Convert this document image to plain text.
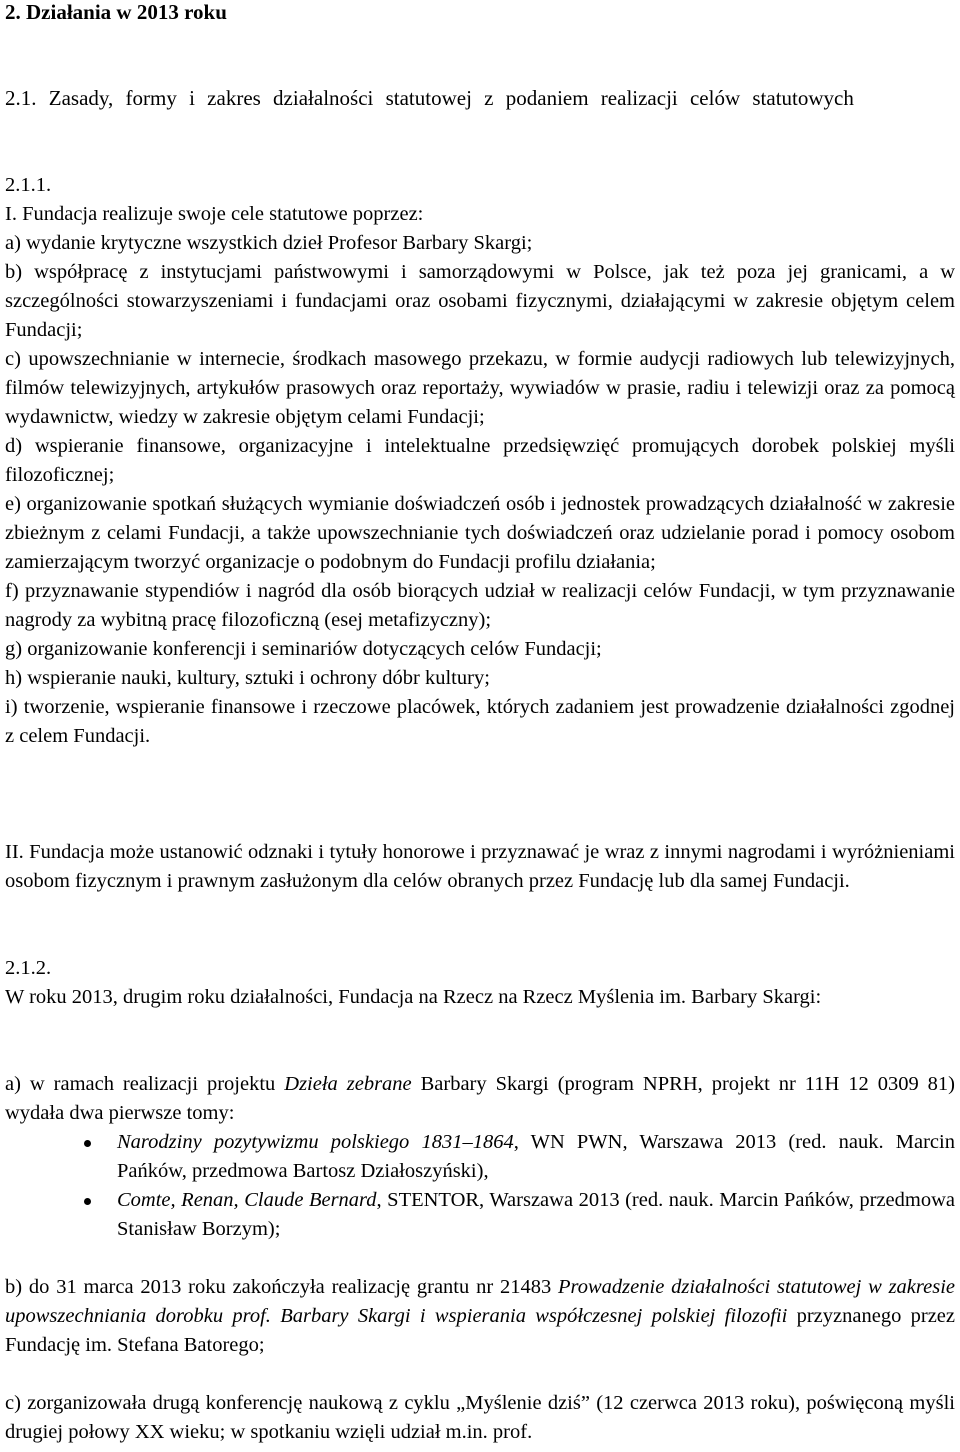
2. Działania w 2013 roku

2.1. Zasady, formy i zakres działalności statutowej z podaniem realizacji celów statutowych

2.1.1.

I. Fundacja realizuje swoje cele statutowe poprzez:
a) wydanie krytyczne wszystkich dzieł Profesor Barbary Skargi;
b) współpracę z instytucjami państwowymi i samorządowymi w Polsce, jak też poza jej granicami, a w szczególności stowarzyszeniami i fundacjami oraz osobami fizycznymi, działającymi w zakresie objętym celem Fundacji;
c) upowszechnianie w internecie, środkach masowego przekazu, w formie audycji radiowych lub telewizyjnych, filmów telewizyjnych, artykułów prasowych oraz reportaży, wywiadów w prasie, radiu i telewizji oraz za pomocą wydawnictw, wiedzy w zakresie objętym celami Fundacji;
d) wspieranie finansowe, organizacyjne i intelektualne przedsięwzięć promujących dorobek polskiej myśli filozoficznej;
e) organizowanie spotkań służących wymianie doświadczeń osób i jednostek prowadzących działalność w zakresie zbieżnym z celami Fundacji, a także upowszechnianie tych doświadczeń oraz udzielanie porad i pomocy osobom zamierzającym tworzyć organizacje o podobnym do Fundacji profilu działania;
f) przyznawanie stypendiów i nagród dla osób biorących udział w realizacji celów Fundacji, w tym przyznawanie nagrody za wybitną pracę filozoficzną (esej metafizyczny);
g) organizowanie konferencji i seminariów dotyczących celów Fundacji;
h) wspieranie nauki, kultury, sztuki i ochrony dóbr kultury;
i) tworzenie, wspieranie finansowe i rzeczowe placówek, których zadaniem jest prowadzenie działalności zgodnej z celem Fundacji.

II. Fundacja może ustanowić odznaki i tytuły honorowe i przyznawać je wraz z innymi nagrodami i wyróżnieniami osobom fizycznym i prawnym zasłużonym dla celów obranych przez Fundację lub dla samej Fundacji.

2.1.2.

W roku 2013, drugim roku działalności, Fundacja na Rzecz na Rzecz Myślenia im. Barbary Skargi:

a) w ramach realizacji projektu Dzieła zebrane Barbary Skargi (program NPRH, projekt nr 11H 12 0309 81) wydała dwa pierwsze tomy:

Narodziny pozytywizmu polskiego 1831–1864, WN PWN, Warszawa 2013 (red. nauk. Marcin Pańków, przedmowa Bartosz Działoszyński),
Comte, Renan, Claude Bernard, STENTOR, Warszawa 2013 (red. nauk. Marcin Pańków, przedmowa Stanisław Borzym);

b) do 31 marca 2013 roku zakończyła realizację grantu nr 21483 Prowadzenie działalności statutowej w zakresie upowszechniania dorobku prof. Barbary Skargi i wspierania współczesnej polskiej filozofii przyznanego przez Fundację im. Stefana Batorego;

c) zorganizowała drugą konferencję naukową z cyklu „Myślenie dziś” (12 czerwca 2013 roku), poświęconą myśli drugiej połowy XX wieku; w spotkaniu wzięli udział m.in. prof.
